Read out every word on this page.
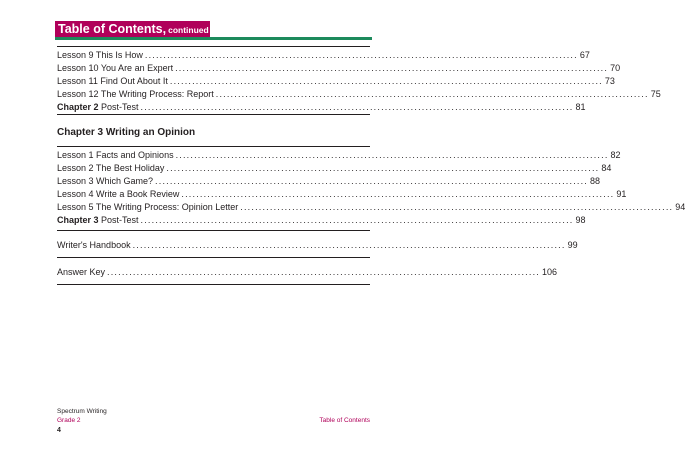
Table of Contents, continued
Lesson 9 This Is How ..................................................................................................................... 67
Lesson 10 You Are an Expert ..................................................................................................................... 70
Lesson 11 Find Out About It ..................................................................................................................... 73
Lesson 12 The Writing Process: Report ..................................................................................................................... 75
Chapter 2 Post-Test ..................................................................................................................... 81
Chapter 3 Writing an Opinion
Lesson 1 Facts and Opinions ..................................................................................................................... 82
Lesson 2 The Best Holiday ..................................................................................................................... 84
Lesson 3 Which Game? ..................................................................................................................... 88
Lesson 4 Write a Book Review ..................................................................................................................... 91
Lesson 5 The Writing Process: Opinion Letter ..................................................................................................................... 94
Chapter 3 Post-Test ..................................................................................................................... 98
Writer's Handbook ..................................................................................................................... 99
Answer Key ..................................................................................................................... 106
Spectrum Writing
Grade 2	Table of Contents
4
